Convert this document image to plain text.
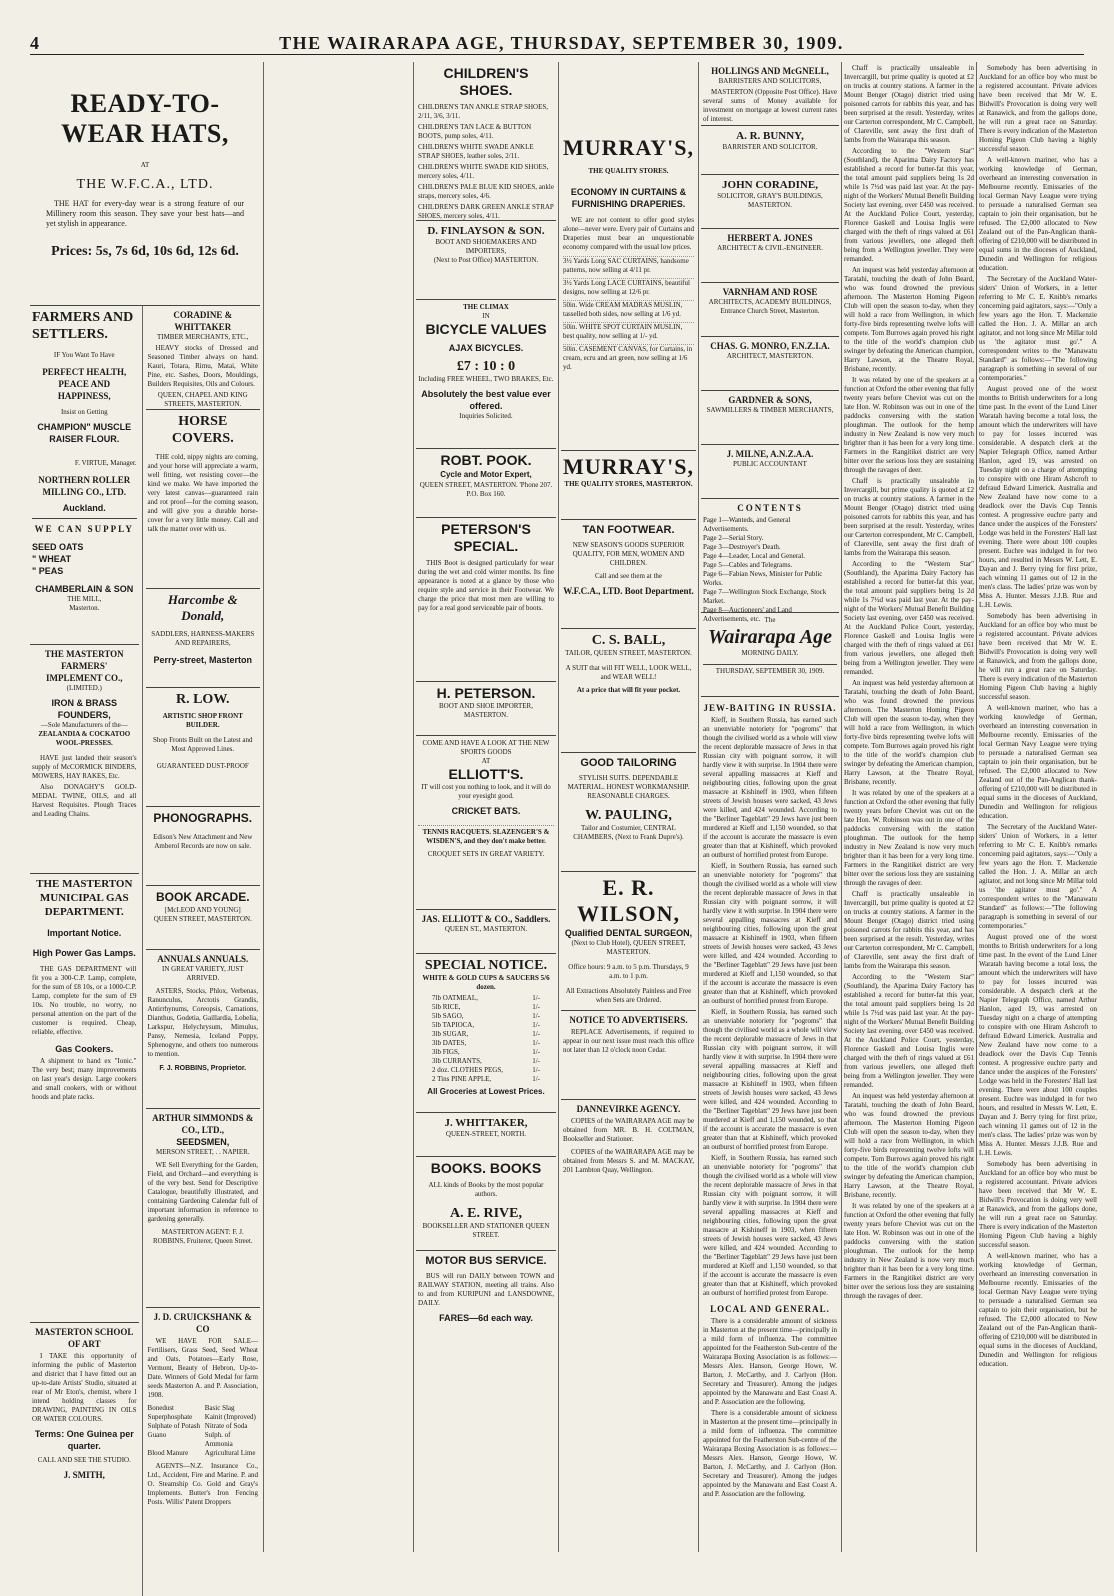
4	THE WAIRARAPA AGE, THURSDAY, SEPTEMBER 30, 1909.
READY-TO-WEAR HATS,
AT
THE W.F.C.A., LTD.
THE HAT for every-day wear is a strong feature of our Millinery room this season. They save your best hats—and yet stylish in appearance.
Prices: 5s, 7s 6d, 10s 6d, 12s 6d.
FARMERS AND SETTLERS.
IF You Want To Have
PERFECT HEALTH, PEACE AND HAPPINESS,
Insist on Getting
CHAMPION" MUSCLE RAISER FLOUR.
F. VIRTUE, Manager.
NORTHERN ROLLER MILLING CO., LTD.
Auckland.
WE CAN SUPPLY
SEED OATS
" WHEAT
" PEAS
CHAMBERLAIN & SON
THE MILL,
Masterton.
THE MASTERTON FARMERS' IMPLEMENT CO.,
(LIMITED.)
IRON & BRASS FOUNDERS,
—Sole Manufacturers of the—
ZEALANDIA & COCKATOO WOOL-PRESSES.
HAVE just landed their season's supply of McCORMICK BINDERS, MOWERS, HAY RAKES, Etc.
Also DONAGHY'S GOLD-MEDAL TWINE, OILS, and all Harvest Requisites. Plough Traces and Leading Chains.
THE MASTERTON MUNICIPAL GAS DEPARTMENT.
Important Notice.
High Power Gas Lamps.
THE GAS DEPARTMENT will fit you a 300-C.P. Lamp, complete, for the sum of £8 10s, or a 1000-C.P. Lamp, complete for the sum of £9 10s. No trouble, no worry, no personal attention on the part of the customer is required. Cheap, reliable, effective.
Gas Cookers.
A shipment to hand ex "Ionic." The very best; many improvements on last year's design. Large cookers and small cookers, with or without hoods and plate racks.
MASTERTON SCHOOL OF ART
I TAKE this opportunity of informing the public of Masterton and district that I have fitted out an up-to-date Artists' Studio, situated at rear of Mr Eton's, chemist, where I intend holding classes for DRAWING, PAINTING IN OILS OR WATER COLOURS.
Terms: One Guinea per quarter.
CALL AND SEE THE STUDIO.
J. SMITH,
CORADINE & WHITTAKER
TIMBER MERCHANTS, ETC.,
HEAVY stocks of Dressed and Seasoned Timber always on hand. Kauri, Totara, Rimu, Matai, White Pine, etc. Sashes, Doors, Mouldings, Builders Requisites, Oils and Colours.
QUEEN, CHAPEL AND KING STREETS, MASTERTON.
HORSE COVERS.
THE cold, nippy nights are coming, and your horse will appreciate a warm, well fitting, wet resisting cover—the kind we make. We have imported the very latest canvas—guaranteed rain and rot proof—for the coming season, and will give you a durable horse-cover for a very little money. Call and talk the matter over with us.
Harcombe & Donald,
SADDLERS, HARNESS-MAKERS AND REPAIRERS,
Perry-street, Masterton
R. LOW.
ARTISTIC SHOP FRONT BUILDER.
Shop Fronts Built on the Latest and Most Approved Lines.
GUARANTEED DUST-PROOF
PHONOGRAPHS.
Edison's New Attachment and New Amberol Records are now on sale.
BOOK ARCADE.
[McLEOD AND YOUNG]
QUEEN STREET, MASTERTON.
ANNUALS ANNUALS.
IN GREAT VARIETY, JUST ARRIVED.
ASTERS, Stocks, Phlox, Verbenas, Ranunculus, Arctotis Grandis, Antirrhynums, Coreopsis, Carnations, Dianthus, Godetia, Gaillardia, Lobelia, Larkspur, Helychrysum, Mimulus, Pansy, Nemesia, Iceland Poppy, Sphenogyne, and others too numerous to mention.
F. J. ROBBINS, Proprietor.
ARTHUR SIMMONDS & CO., LTD.,
SEEDSMEN,
MERSON STREET, . . NAPIER.
WE Sell Everything for the Garden, Field, and Orchard—and everything is of the very best. Send for Descriptive Catalogue, beautifully illustrated, and containing Gardening Calendar full of important information in reference to gardening generally.
MASTERTON AGENT: F. J. ROBBINS, Fruiterer, Queen Street.
J. D. CRUICKSHANK & CO
WE HAVE FOR SALE—Fertilisers, Grass Seed, Seed Wheat and Oats, Potatoes—Early Rose, Vermont, Beauty of Hebron, Up-to-Date. Winners of Gold Medal for farm seeds Masterton A. and P. Association, 1908.
Bonedust	Basic Slag
Superphosphate	Kainit (Improved)
Sulphate of Potash Nitrate of Soda
Guano	Sulph. of Ammonia
Blood Manure	Agricultural Lime
AGENTS—N.Z. Insurance Co., Ltd., Accident, Fire and Marine. P. and O. Steamship Co. Gold and Gray's Implements. Butter's Iron Fencing Posts. Willis' Patent Droppers
CHILDREN'S SHOES.
CHILDREN'S TAN ANKLE STRAP SHOES, 2/11, 3/6, 3/11.
CHILDREN'S TAN LACE & BUTTON BOOTS, pump soles, 4/11.
CHILDREN'S WHITE SWADE ANKLE STRAP SHOES, leather soles, 2/11.
CHILDREN'S WHITE SWADE KID SHOES, mercery soles, 4/11.
CHILDREN'S PALE BLUE KID SHOES, ankle straps, mercery soles, 4/6.
CHILDREN'S DARK GREEN ANKLE STRAP SHOES, mercery soles, 4/11.
D. FINLAYSON & SON.
BOOT AND SHOEMAKERS AND IMPORTERS,
(Next to Post Office) MASTERTON.
THE CLIMAX
IN
BICYCLE VALUES
AJAX BICYCLES.
£7 : 10 : 0
Including FREE WHEEL, TWO BRAKES, Etc.
Absolutely the best value ever offered.
Inquiries Solicited.
ROBT. POOK.
Cycle and Motor Expert,
QUEEN STREET, MASTERTON. 'Phone 207. P.O. Box 160.
PETERSON'S SPECIAL.
THIS Boot is designed particularly for wear during the wet and cold winter months. Its fine appearance is noted at a glance by those who require style and service in their Footwear. We charge the price that most men are willing to pay for a real good serviceable pair of boots.
H. PETERSON.
BOOT AND SHOE IMPORTER, MASTERTON.
COME AND HAVE A LOOK AT THE NEW SPORTS GOODS
AT
ELLIOTT'S.
IT will cost you nothing to look, and it will do your eyesight good.
CRICKET BATS.
TENNIS RACQUETS. SLAZENGER'S & WISDEN'S, and they don't make better.
CROQUET SETS IN GREAT VARIETY.
JAS. ELLIOTT & CO., Saddlers.
QUEEN ST., MASTERTON.
SPECIAL NOTICE.
WHITE & GOLD CUPS & SAUCERS 5/6 dozen.
7lb OATMEAL,	1/-
5lb RICE,	1/-
5lb SAGO,	1/-
5lb TAPIOCA,	1/-
3lb SUGAR,	1/-
3lb DATES,	1/-
3lb FIGS,	1/-
3lb CURRANTS,	1/-
2 doz. CLOTHES PEGS,	1/-
2 Tins PINE APPLE,	1/-
All Groceries at Lowest Prices.
J. WHITTAKER,
QUEEN-STREET, NORTH.
BOOKS. BOOKS
ALL kinds of Books by the most popular authors.
A. E. RIVE,
BOOKSELLER AND STATIONER QUEEN STREET.
MOTOR BUS SERVICE.
BUS will run DAILY between TOWN and RAILWAY STATION, meeting all trains. Also to and from KURIPUNI and LANSDOWNE, DAILY.
FARES—6d each way.
MURRAY'S,
THE QUALITY STORES.
ECONOMY IN CURTAINS & FURNISHING DRAPERIES.
WE are not content to offer good styles alone—never were. Every pair of Curtains and Draperies must bear an unquestionable economy compared with the usual low prices.
3½ Yards Long SAC CURTAINS, handsome patterns, now selling at 4/11 pr.
3½ Yards Long LACE CURTAINS, beautiful designs, now selling at 12/6 pr.
50in. Wide CREAM MADRAS MUSLIN, tasselled both sides, now selling at 1/6 yd.
50in. WHITE SPOT CURTAIN MUSLIN, best quality, now selling at 1/- yd.
50in. CASEMENT CANVAS, for Curtains, in cream, ecru and art green, now selling at 1/6 yd.
MURRAY'S,
THE QUALITY STORES, MASTERTON.
TAN FOOTWEAR.
NEW SEASON'S GOODS SUPERIOR QUALITY, FOR MEN, WOMEN AND CHILDREN.
Call and see them at the
W.F.C.A., LTD. Boot Department.
C. S. BALL,
TAILOR, QUEEN STREET, MASTERTON.
A SUIT that will FIT WELL, LOOK WELL, and WEAR WELL!
At a price that will fit your pocket.
GOOD TAILORING
STYLISH SUITS. DEPENDABLE MATERIAL. HONEST WORKMANSHIP. REASONABLE CHARGES.
W. PAULING,
Tailor and Costumier, CENTRAL CHAMBERS, (Next to Frank Dupre's).
E. R. WILSON,
Qualified DENTAL SURGEON,
(Next to Club Hotel), QUEEN STREET, MASTERTON.
Office hours: 9 a.m. to 5 p.m. Thursdays, 9 a.m. to 1 p.m.
All Extractions Absolutely Painless and Free when Sets are Ordered.
NOTICE TO ADVERTISERS.
REPLACE Advertisements, if required to appear in our next issue must reach this office not later than 12 o'clock noon Cedar.
DANNEVIRKE AGENCY.
COPIES of the WAIRARAPA AGE may be obtained from MR. B. H. COLTMAN, Bookseller and Stationer.
COPIES of the WAIRARAPA AGE may be obtained from Messrs S. and M. MACKAY, 201 Lambton Quay, Wellington.
HOLLINGS AND McGNELL,
BARRISTERS AND SOLICITORS,
MASTERTON (Opposite Post Office). Have several sums of Money available for investment on mortgage at lowest current rates of interest.
A. R. BUNNY,
BARRISTER AND SOLICITOR.
JOHN CORADINE,
SOLICITOR, GRAY'S BUILDINGS, MASTERTON.
HERBERT A. JONES
ARCHITECT & CIVIL-ENGINEER.
VARNHAM AND ROSE
ARCHITECTS, ACADEMY BUILDINGS, Entrance Church Street, Masterton.
CHAS. G. MONRO, F.N.Z.I.A.
ARCHITECT, MASTERTON.
GARDNER & SONS,
SAWMILLERS & TIMBER MERCHANTS,
J. MILNE, A.N.Z.A.A.
PUBLIC ACCOUNTANT
CONTENTS
Page 1—Wanteds, and General Advertisements.
Page 2—Serial Story.
Page 3—Destroyer's Death.
Page 4—Leader, Local and General.
Page 5—Cables and Telegrams.
Page 6—Fabian News, Minister for Public Works.
Page 7—Wellington Stock Exchange, Stock Market.
Page 8—Auctioneers' and Land Advertisements, etc. The
Wairarapa Age
MORNING DAILY.
THURSDAY, SEPTEMBER 30, 1909.
JEW-BAITING IN RUSSIA.
Kieff, in Southern Russia, has earned such an unenviable notoriety for "pogroms" that though the civilised world as a whole will view the recent deplorable massacre of Jews in that Russian city with poignant sorrow, it will hardly view it with surprise. In 1904 there were several appalling massacres at Kieff and neighbouring cities, following upon the great massacre at Kishineff in 1903, when fifteen streets of Jewish houses were sacked, 43 Jews were killed, and 424 wounded. According to the "Berliner Tageblatt" 29 Jews have just been murdered at Kieff and 1,150 wounded, so that if the account is accurate the massacre is even greater than that at Kishineff, which provoked an outburst of horrified protest from Europe.
Kieff, in Southern Russia, has earned such an unenviable notoriety for "pogroms" that though the civilised world as a whole will view the recent deplorable massacre of Jews in that Russian city with poignant sorrow, it will hardly view it with surprise. In 1904 there were several appalling massacres at Kieff and neighbouring cities, following upon the great massacre at Kishineff in 1903, when fifteen streets of Jewish houses were sacked, 43 Jews were killed, and 424 wounded. According to the "Berliner Tageblatt" 29 Jews have just been murdered at Kieff and 1,150 wounded, so that if the account is accurate the massacre is even greater than that at Kishineff, which provoked an outburst of horrified protest from Europe.
Kieff, in Southern Russia, has earned such an unenviable notoriety for "pogroms" that though the civilised world as a whole will view the recent deplorable massacre of Jews in that Russian city with poignant sorrow, it will hardly view it with surprise. In 1904 there were several appalling massacres at Kieff and neighbouring cities, following upon the great massacre at Kishineff in 1903, when fifteen streets of Jewish houses were sacked, 43 Jews were killed, and 424 wounded. According to the "Berliner Tageblatt" 29 Jews have just been murdered at Kieff and 1,150 wounded, so that if the account is accurate the massacre is even greater than that at Kishineff, which provoked an outburst of horrified protest from Europe.
Kieff, in Southern Russia, has earned such an unenviable notoriety for "pogroms" that though the civilised world as a whole will view the recent deplorable massacre of Jews in that Russian city with poignant sorrow, it will hardly view it with surprise. In 1904 there were several appalling massacres at Kieff and neighbouring cities, following upon the great massacre at Kishineff in 1903, when fifteen streets of Jewish houses were sacked, 43 Jews were killed, and 424 wounded. According to the "Berliner Tageblatt" 29 Jews have just been murdered at Kieff and 1,150 wounded, so that if the account is accurate the massacre is even greater than that at Kishineff, which provoked an outburst of horrified protest from Europe.
LOCAL AND GENERAL.
There is a considerable amount of sickness in Masterton at the present time—principally in a mild form of influenza. The committee appointed for the Featherston Sub-centre of the Wairarapa Boxing Association is as follows:—Messrs Alex. Hanson, George Howe, W. Barton, J. McCarthy, and J. Carlyon (Hon. Secretary and Treasurer). Among the judges appointed by the Manawatu and East Coast A. and P. Association are the following.
There is a considerable amount of sickness in Masterton at the present time—principally in a mild form of influenza. The committee appointed for the Featherston Sub-centre of the Wairarapa Boxing Association is as follows:—Messrs Alex. Hanson, George Howe, W. Barton, J. McCarthy, and J. Carlyon (Hon. Secretary and Treasurer). Among the judges appointed by the Manawatu and East Coast A. and P. Association are the following.
Chaff is practically unsaleable in Invercargill, but prime quality is quoted at £2 on trucks at country stations. A farmer in the Mount Benger (Otago) district tried using poisoned carrots for rabbits this year, and has been surprised at the result. Yesterday, writes our Carterton correspondent, Mr C. Campbell, of Clareville, sent away the first draft of lambs from the Wairarapa this season.
According to the "Western Star" (Southland), the Aparima Dairy Factory has established a record for butter-fat this year, the total amount paid suppliers being 1s 2d while 1s 7½d was paid last year. At the pay-night of the Workers' Mutual Benefit Building Society last evening, over £450 was received. At the Auckland Police Court, yesterday, Florence Gaskell and Louisa Inglis were charged with the theft of rings valued at £61 from various jewellers, one alleged theft being from a Wellington jeweller. They were remanded.
An inquest was held yesterday afternoon at Taratahi, touching the death of John Beard, who was found drowned the previous afternoon. The Masterton Homing Pigeon Club will open the season to-day, when they will hold a race from Wellington, in which forty-five birds representing twelve lofts will compete. Tom Burrows again proved his right to the title of the world's champion club swinger by defeating the American champion, Harry Lawson, at the Theatre Royal, Brisbane, recently.
It was related by one of the speakers at a function at Oxford the other evening that fully twenty years before Cheviot was cut on the late Hon. W. Robinson was out in one of the paddocks conversing with the station ploughman. The outlook for the hemp industry in New Zealand is now very much brighter than it has been for a very long time. Farmers in the Rangitikei district are very bitter over the serious loss they are sustaining through the ravages of deer.
Chaff is practically unsaleable in Invercargill, but prime quality is quoted at £2 on trucks at country stations. A farmer in the Mount Benger (Otago) district tried using poisoned carrots for rabbits this year, and has been surprised at the result. Yesterday, writes our Carterton correspondent, Mr C. Campbell, of Clareville, sent away the first draft of lambs from the Wairarapa this season.
According to the "Western Star" (Southland), the Aparima Dairy Factory has established a record for butter-fat this year, the total amount paid suppliers being 1s 2d while 1s 7½d was paid last year. At the pay-night of the Workers' Mutual Benefit Building Society last evening, over £450 was received. At the Auckland Police Court, yesterday, Florence Gaskell and Louisa Inglis were charged with the theft of rings valued at £61 from various jewellers, one alleged theft being from a Wellington jeweller. They were remanded.
An inquest was held yesterday afternoon at Taratahi, touching the death of John Beard, who was found drowned the previous afternoon. The Masterton Homing Pigeon Club will open the season to-day, when they will hold a race from Wellington, in which forty-five birds representing twelve lofts will compete. Tom Burrows again proved his right to the title of the world's champion club swinger by defeating the American champion, Harry Lawson, at the Theatre Royal, Brisbane, recently.
It was related by one of the speakers at a function at Oxford the other evening that fully twenty years before Cheviot was cut on the late Hon. W. Robinson was out in one of the paddocks conversing with the station ploughman. The outlook for the hemp industry in New Zealand is now very much brighter than it has been for a very long time. Farmers in the Rangitikei district are very bitter over the serious loss they are sustaining through the ravages of deer.
Chaff is practically unsaleable in Invercargill, but prime quality is quoted at £2 on trucks at country stations. A farmer in the Mount Benger (Otago) district tried using poisoned carrots for rabbits this year, and has been surprised at the result. Yesterday, writes our Carterton correspondent, Mr C. Campbell, of Clareville, sent away the first draft of lambs from the Wairarapa this season.
According to the "Western Star" (Southland), the Aparima Dairy Factory has established a record for butter-fat this year, the total amount paid suppliers being 1s 2d while 1s 7½d was paid last year. At the pay-night of the Workers' Mutual Benefit Building Society last evening, over £450 was received. At the Auckland Police Court, yesterday, Florence Gaskell and Louisa Inglis were charged with the theft of rings valued at £61 from various jewellers, one alleged theft being from a Wellington jeweller. They were remanded.
An inquest was held yesterday afternoon at Taratahi, touching the death of John Beard, who was found drowned the previous afternoon. The Masterton Homing Pigeon Club will open the season to-day, when they will hold a race from Wellington, in which forty-five birds representing twelve lofts will compete. Tom Burrows again proved his right to the title of the world's champion club swinger by defeating the American champion, Harry Lawson, at the Theatre Royal, Brisbane, recently.
It was related by one of the speakers at a function at Oxford the other evening that fully twenty years before Cheviot was cut on the late Hon. W. Robinson was out in one of the paddocks conversing with the station ploughman. The outlook for the hemp industry in New Zealand is now very much brighter than it has been for a very long time. Farmers in the Rangitikei district are very bitter over the serious loss they are sustaining through the ravages of deer.
Somebody has been advertising in Auckland for an office boy who must be a registered accountant. Private advices have been received that Mr W. E. Bidwill's Provocation is doing very well at Ranawick, and from the gallops done, he will run a great race on Saturday. There is every indication of the Masterton Homing Pigeon Club having a highly successful season.
A well-known mariner, who has a working knowledge of German, overheard an interesting conversation in Melbourne recently. Emissaries of the local German Navy League were trying to persuade a naturalised German sea captain to join their organisation, but he refused. The £2,000 allocated to New Zealand out of the Pan-Anglican thank-offering of £210,000 will be distributed in equal sums in the dioceses of Auckland, Dunedin and Wellington for religious education.
The Secretary of the Auckland Water-siders' Union of Workers, in a letter referring to Mr C. E. Knibb's remarks concerning paid agitators, says:—"Only a few years ago the Hon. T. Mackenzie called the Hon. J. A. Millar an arch agitator, and not long since Mr Millar told us 'the agitator must go'." A correspondent writes to the "Manawatu Standard" as follows:—"The following paragraph is something in several of our contemporaries."
August proved one of the worst months to British underwriters for a long time past. In the event of the Lund Liner Waratah having become a total loss, the amount which the underwriters will have to pay for losses incurred was considerable. A despatch clerk at the Napier Telegraph Office, named Arthur Hanlon, aged 19, was arrested on Tuesday night on a charge of attempting to conspire with one Hiram Ashcroft to defraud Edward Limerick. Australia and New Zealand have now come to a deadlock over the Davis Cup Tennis contest. A progressive euchre party and dance under the auspices of the Foresters' Lodge was held in the Foresters' Hall last evening. There were about 100 couples present. Euchre was indulged in for two hours, and resulted in Messrs W. Lett, E. Dayan and J. Berry tying for first prize, each winning 11 games out of 12 in the men's class. The ladies' prize was won by Miss A. Hunter. Messrs J.J.B. Rue and L.H. Lewis.
Somebody has been advertising in Auckland for an office boy who must be a registered accountant. Private advices have been received that Mr W. E. Bidwill's Provocation is doing very well at Ranawick, and from the gallops done, he will run a great race on Saturday. There is every indication of the Masterton Homing Pigeon Club having a highly successful season.
A well-known mariner, who has a working knowledge of German, overheard an interesting conversation in Melbourne recently. Emissaries of the local German Navy League were trying to persuade a naturalised German sea captain to join their organisation, but he refused. The £2,000 allocated to New Zealand out of the Pan-Anglican thank-offering of £210,000 will be distributed in equal sums in the dioceses of Auckland, Dunedin and Wellington for religious education.
The Secretary of the Auckland Water-siders' Union of Workers, in a letter referring to Mr C. E. Knibb's remarks concerning paid agitators, says:—"Only a few years ago the Hon. T. Mackenzie called the Hon. J. A. Millar an arch agitator, and not long since Mr Millar told us 'the agitator must go'." A correspondent writes to the "Manawatu Standard" as follows:—"The following paragraph is something in several of our contemporaries."
August proved one of the worst months to British underwriters for a long time past. In the event of the Lund Liner Waratah having become a total loss, the amount which the underwriters will have to pay for losses incurred was considerable. A despatch clerk at the Napier Telegraph Office, named Arthur Hanlon, aged 19, was arrested on Tuesday night on a charge of attempting to conspire with one Hiram Ashcroft to defraud Edward Limerick. Australia and New Zealand have now come to a deadlock over the Davis Cup Tennis contest. A progressive euchre party and dance under the auspices of the Foresters' Lodge was held in the Foresters' Hall last evening. There were about 100 couples present. Euchre was indulged in for two hours, and resulted in Messrs W. Lett, E. Dayan and J. Berry tying for first prize, each winning 11 games out of 12 in the men's class. The ladies' prize was won by Miss A. Hunter. Messrs J.J.B. Rue and L.H. Lewis.
Somebody has been advertising in Auckland for an office boy who must be a registered accountant. Private advices have been received that Mr W. E. Bidwill's Provocation is doing very well at Ranawick, and from the gallops done, he will run a great race on Saturday. There is every indication of the Masterton Homing Pigeon Club having a highly successful season.
A well-known mariner, who has a working knowledge of German, overheard an interesting conversation in Melbourne recently. Emissaries of the local German Navy League were trying to persuade a naturalised German sea captain to join their organisation, but he refused. The £2,000 allocated to New Zealand out of the Pan-Anglican thank-offering of £210,000 will be distributed in equal sums in the dioceses of Auckland, Dunedin and Wellington for religious education.
